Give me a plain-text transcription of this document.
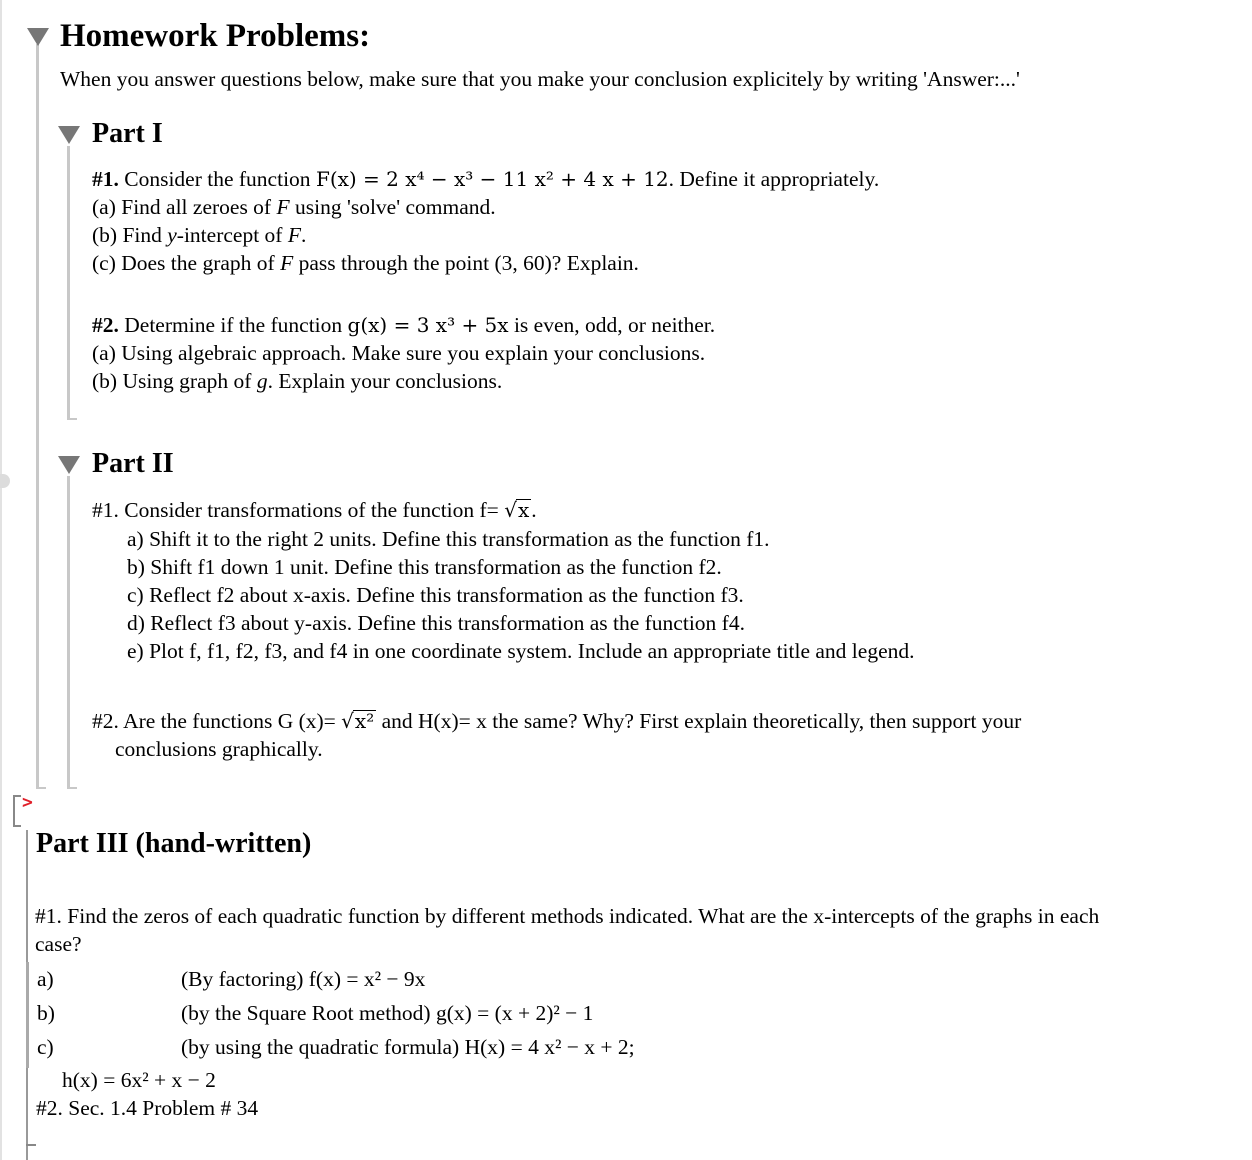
Homework Problems:
When you answer questions below, make sure that you make your conclusion explicitely by writing 'Answer:...'
Part I
#1. Consider the function F(x) = 2 x⁴ − x³ − 11 x² + 4 x + 12. Define it appropriately.
(a) Find all zeroes of F using 'solve' command.
(b) Find y-intercept of F.
(c) Does the graph of F pass through the point (3, 60)? Explain.
#2. Determine if the function g(x) = 3 x³ + 5x is even, odd, or neither.
(a) Using algebraic approach. Make sure you explain your conclusions.
(b) Using graph of g. Explain your conclusions.
Part II
#1. Consider transformations of the function f= √x.
a) Shift it to the right 2 units. Define this transformation as the function f1.
b) Shift f1 down 1 unit. Define this transformation as the function f2.
c) Reflect f2 about x-axis. Define this transformation as the function f3.
d) Reflect f3 about y-axis. Define this transformation as the function f4.
e) Plot f, f1, f2, f3, and f4 in one coordinate system. Include an appropriate title and legend.
#2. Are the functions G (x)= √x² and H(x)= x the same? Why? First explain theoretically, then support your
conclusions graphically.
>
Part III (hand-written)
#1. Find the zeros of each quadratic function by different methods indicated. What are the x-intercepts of the graphs in each
case?
a)	(By factoring) f(x) = x² − 9x
b)	(by the Square Root method) g(x) = (x + 2)² − 1
c)	(by using the quadratic formula) H(x) = 4 x² − x + 2;
h(x) = 6x² + x − 2
#2. Sec. 1.4 Problem # 34
